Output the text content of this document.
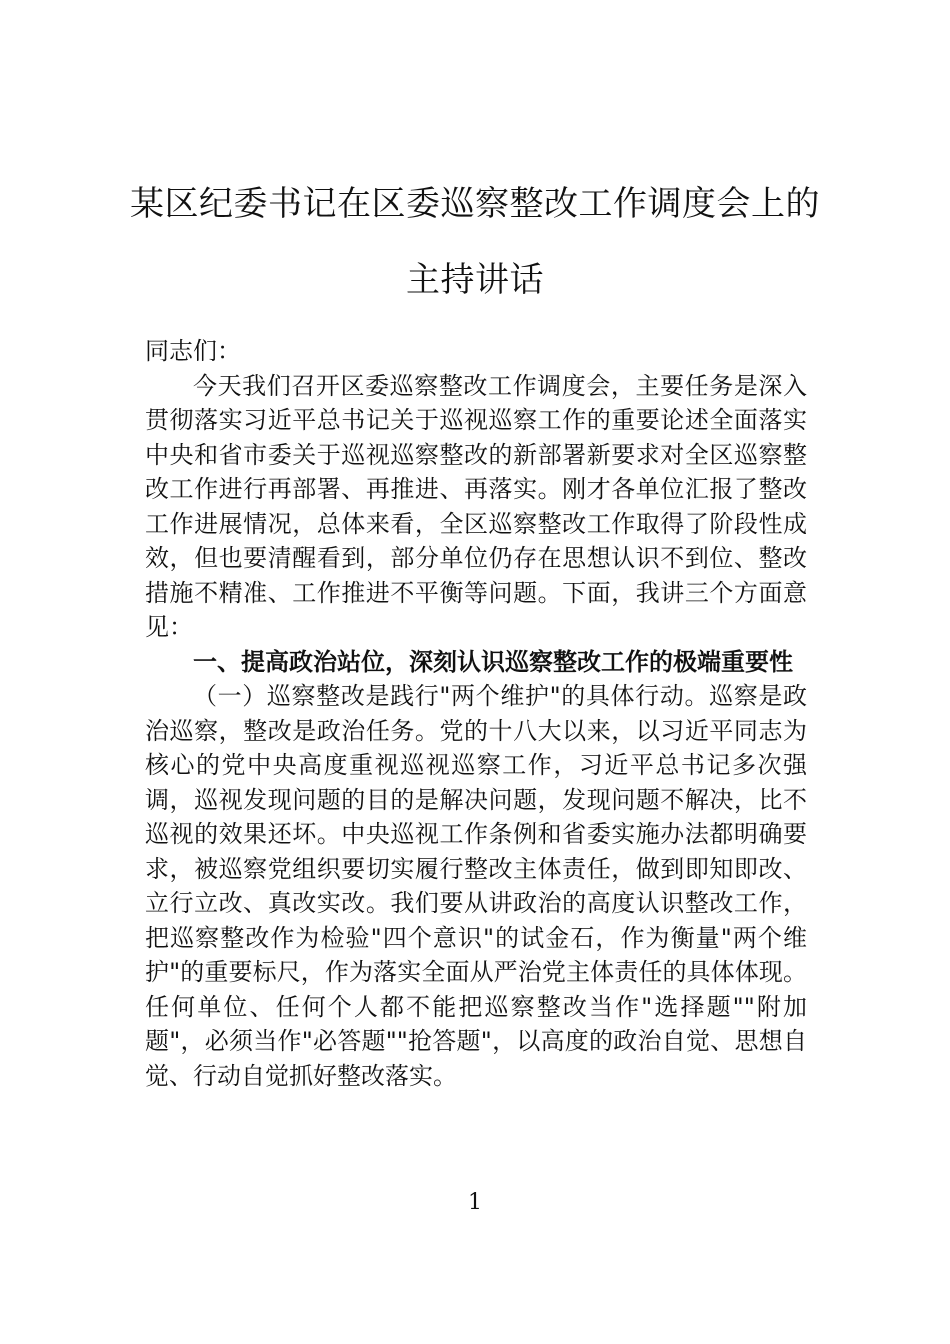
某区纪委书记在区委巡察整改工作调度会上的主持讲话

同志们：

今天我们召开区委巡察整改工作调度会，主要任务是深入贯彻落实习近平总书记关于巡视巡察工作的重要论述全面落实中央和省市委关于巡视巡察整改的新部署新要求对全区巡察整改工作进行再部署、再推进、再落实。刚才各单位汇报了整改工作进展情况，总体来看，全区巡察整改工作取得了阶段性成效，但也要清醒看到，部分单位仍存在思想认识不到位、整改措施不精准、工作推进不平衡等问题。下面，我讲三个方面意见：

一、提高政治站位，深刻认识巡察整改工作的极端重要性

（一）巡察整改是践行"两个维护"的具体行动。巡察是政治巡察，整改是政治任务。党的十八大以来，以习近平同志为核心的党中央高度重视巡视巡察工作，习近平总书记多次强调，巡视发现问题的目的是解决问题，发现问题不解决，比不巡视的效果还坏。中央巡视工作条例和省委实施办法都明确要求，被巡察党组织要切实履行整改主体责任，做到即知即改、立行立改、真改实改。我们要从讲政治的高度认识整改工作，把巡察整改作为检验"四个意识"的试金石，作为衡量"两个维护"的重要标尺，作为落实全面从严治党主体责任的具体体现。任何单位、任何个人都不能把巡察整改当作"选择题""附加题"，必须当作"必答题""抢答题"，以高度的政治自觉、思想自觉、行动自觉抓好整改落实。

1
